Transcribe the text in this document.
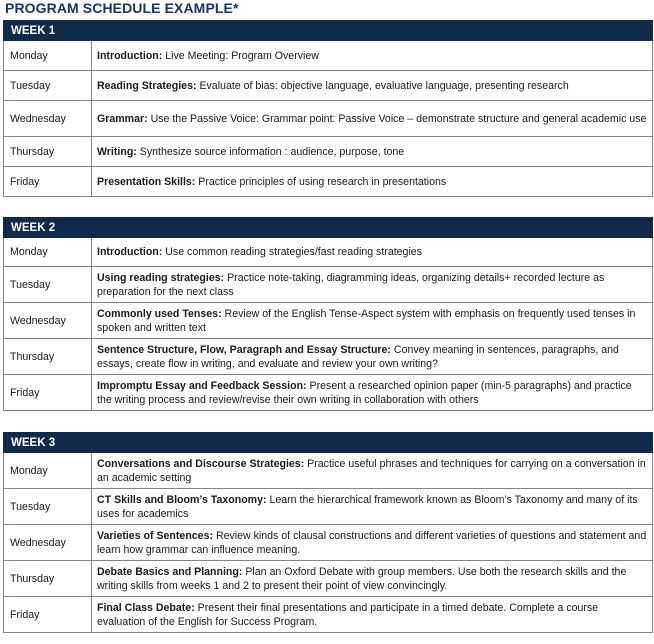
PROGRAM SCHEDULE EXAMPLE*
WEEK 1	
Monday	Introduction: Live Meeting: Program Overview
Tuesday	Reading Strategies: Evaluate of bias: objective language, evaluative language, presenting research
Wednesday	Grammar: Use the Passive Voice: Grammar point: Passive Voice – demonstrate structure and general academic use
Thursday	Writing: Synthesize source information : audience, purpose, tone
Friday	Presentation Skills: Practice principles of using research in presentations
WEEK 2	
Monday	Introduction: Use common reading strategies/fast reading strategies
Tuesday	Using reading strategies: Practice note-taking, diagramming ideas, organizing details+ recorded lecture as preparation for the next class
Wednesday	Commonly used Tenses: Review of the English Tense-Aspect system with emphasis on frequently used tenses in spoken and written text
Thursday	Sentence Structure, Flow, Paragraph and Essay Structure: Convey meaning in sentences, paragraphs, and essays, create flow in writing, and evaluate and review your own writing?
Friday	Impromptu Essay and Feedback Session: Present a researched opinion paper (min-5 paragraphs) and practice the writing process and review/revise their own writing in collaboration with others
WEEK 3	
Monday	Conversations and Discourse Strategies: Practice useful phrases and techniques for carrying on a conversation in an academic setting
Tuesday	CT Skills and Bloom’s Taxonomy: Learn the hierarchical framework known as Bloom’s Taxonomy and many of its uses for academics
Wednesday	Varieties of Sentences: Review kinds of clausal constructions and different varieties of questions and statement and learn how grammar can influence meaning.
Thursday	Debate Basics and Planning: Plan an Oxford Debate with group members. Use both the research skills and the writing skills from weeks 1 and 2 to present their point of view convincingly.
Friday	Final Class Debate: Present their final presentations and participate in a timed debate. Complete a course evaluation of the English for Success Program.
